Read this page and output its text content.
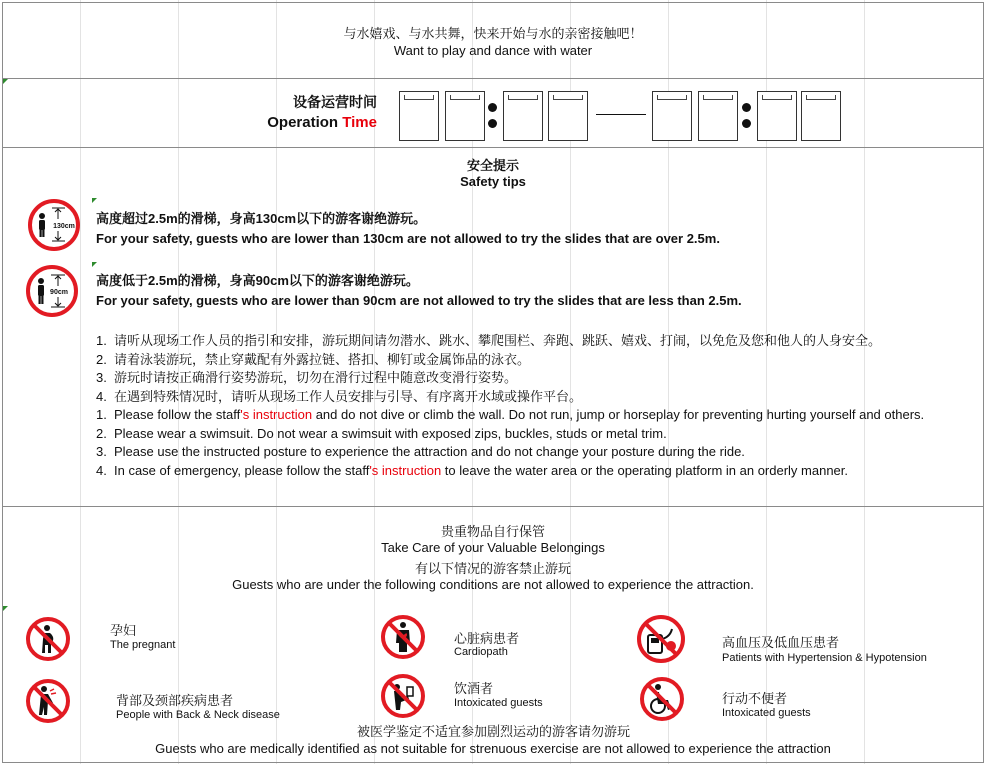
与水嬉戏、与水共舞，快来开始与水的亲密接触吧！
Want to play and dance with water
设备运营时间
Operation Time
安全提示
Safety tips
130cm
高度超过2.5m的滑梯，身高130cm以下的游客谢绝游玩。
For your safety, guests who are lower than 130cm are not allowed to try the slides that are over 2.5m.
90cm
高度低于2.5m的滑梯，身高90cm以下的游客谢绝游玩。
For your safety, guests who are lower than 90cm are not allowed to try the slides that are less than 2.5m.
1. 请听从现场工作人员的指引和安排，游玩期间请勿潜水、跳水、攀爬围栏、奔跑、跳跃、嬉戏、打闹，以免危及您和他人的人身安全。
2. 请着泳装游玩，禁止穿戴配有外露拉链、搭扣、柳钉或金属饰品的泳衣。
3. 游玩时请按正确滑行姿势游玩，切勿在滑行过程中随意改变滑行姿势。
4. 在遇到特殊情况时，请听从现场工作人员安排与引导、有序离开水域或操作平台。
1. Please follow the staff's instruction and do not dive or climb the wall. Do not run, jump or horseplay for preventing hurting yourself and others.
2. Please wear a swimsuit. Do not wear a swimsuit with exposed zips, buckles, studs or metal trim.
3. Please use the instructed posture to experience the attraction and do not change your posture during the ride.
4. In case of emergency, please follow the staff's instruction to leave the water area or the operating platform in an orderly manner.
贵重物品自行保管
Take Care of your Valuable Belongings
有以下情况的游客禁止游玩
Guests who are under the following conditions are not allowed to experience the attraction.
孕妇
The pregnant	心脏病患者
Cardiopath
高血压及低血压患者
Patients with Hypertension & Hypotension
背部及颈部疾病患者
People with Back & Neck disease
饮酒者
Intoxicated guests	行动不便者
Intoxicated guests
被医学鉴定不适宜参加剧烈运动的游客请勿游玩
Guests who are medically identified as not suitable for strenuous exercise are not allowed to experience the attraction
